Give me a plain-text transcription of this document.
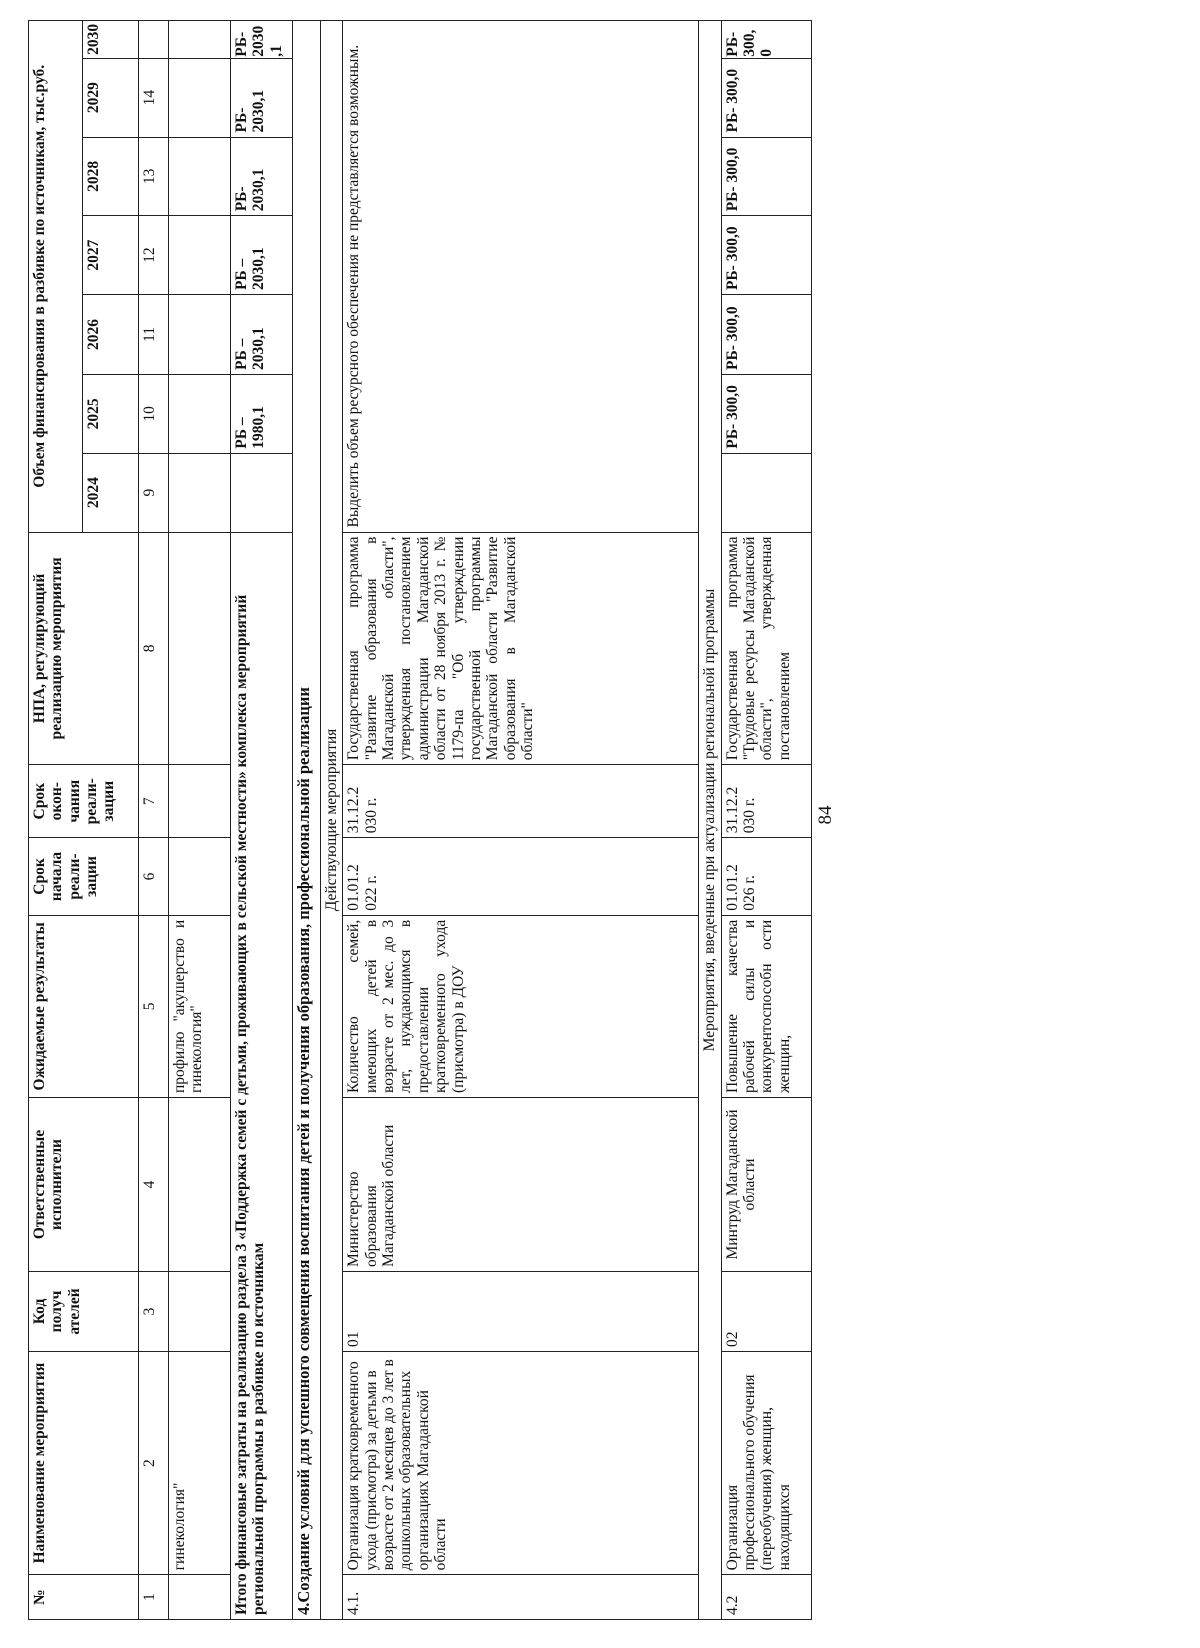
84
№	Наименование мероприятия	Код получ ателей	Ответственные исполнители	Ожидаемые результаты	Срок начала реали-зации	Срок окон-чания реали-зации	НПА, регулирующий реализацию мероприятия	Объем финансирования в разбивке по источникам, тыс.руб.						
								2024	2025	2026	2027	2028	2029	2030
1	2	3	4	5	6	7	8	9	10	11	12	13	14	
	гинекология"			профилю "акушерство и гинекология"										
Итого финансовые затраты на реализацию раздела 3 «Поддержка семей с детьми, проживающих в сельской местности» комплекса мероприятий региональной программы в разбивке по источникам									РБ – 1980,1	РБ – 2030,1	РБ – 2030,1	РБ- 2030,1	РБ- 2030,1	РБ- 2030,1
4.Создание условий для успешного совмещения воспитания детей и получения образования, профессиональной реализации														
Действующие мероприятия														
4.1.	Организация кратковременного ухода (присмотра) за детьми в возрасте от 2 месяцев до 3 лет в дошкольных образовательных организациях Магаданской области	01	Министерство образования Магаданской области	Количество семей, имеющих детей в возрасте от 2 мес. до 3 лет, нуждающимся в предоставлении кратковременного ухода (присмотра) в ДОУ	01.01.2 022 г.	31.12.2 030 г.	Государственная программа "Развитие образования в Магаданской области", утвержденная постановлением администрации Магаданской области от 28 ноября 2013 г. № 1179-па "Об утверждении государственной программы Магаданской области "Развитие образования в Магаданской области"	Выделить объем ресурсного обеспечения не представляется возможным.						
Мероприятия, введенные при актуализации региональной программы														
4.2	Организация профессионального обучения (переобучения) женщин, находящихся	02	Минтруд Магаданской области	Повышение качества рабочей силы и конкурентоспособн ости женщин,	01.01.2 026 г.	31.12.2 030 г.	Государственная программа "Трудовые ресурсы Магаданской области", утвержденная постановлением		РБ- 300,0	РБ- 300,0	РБ- 300,0	РБ- 300,0	РБ- 300,0	РБ- 300, 0
